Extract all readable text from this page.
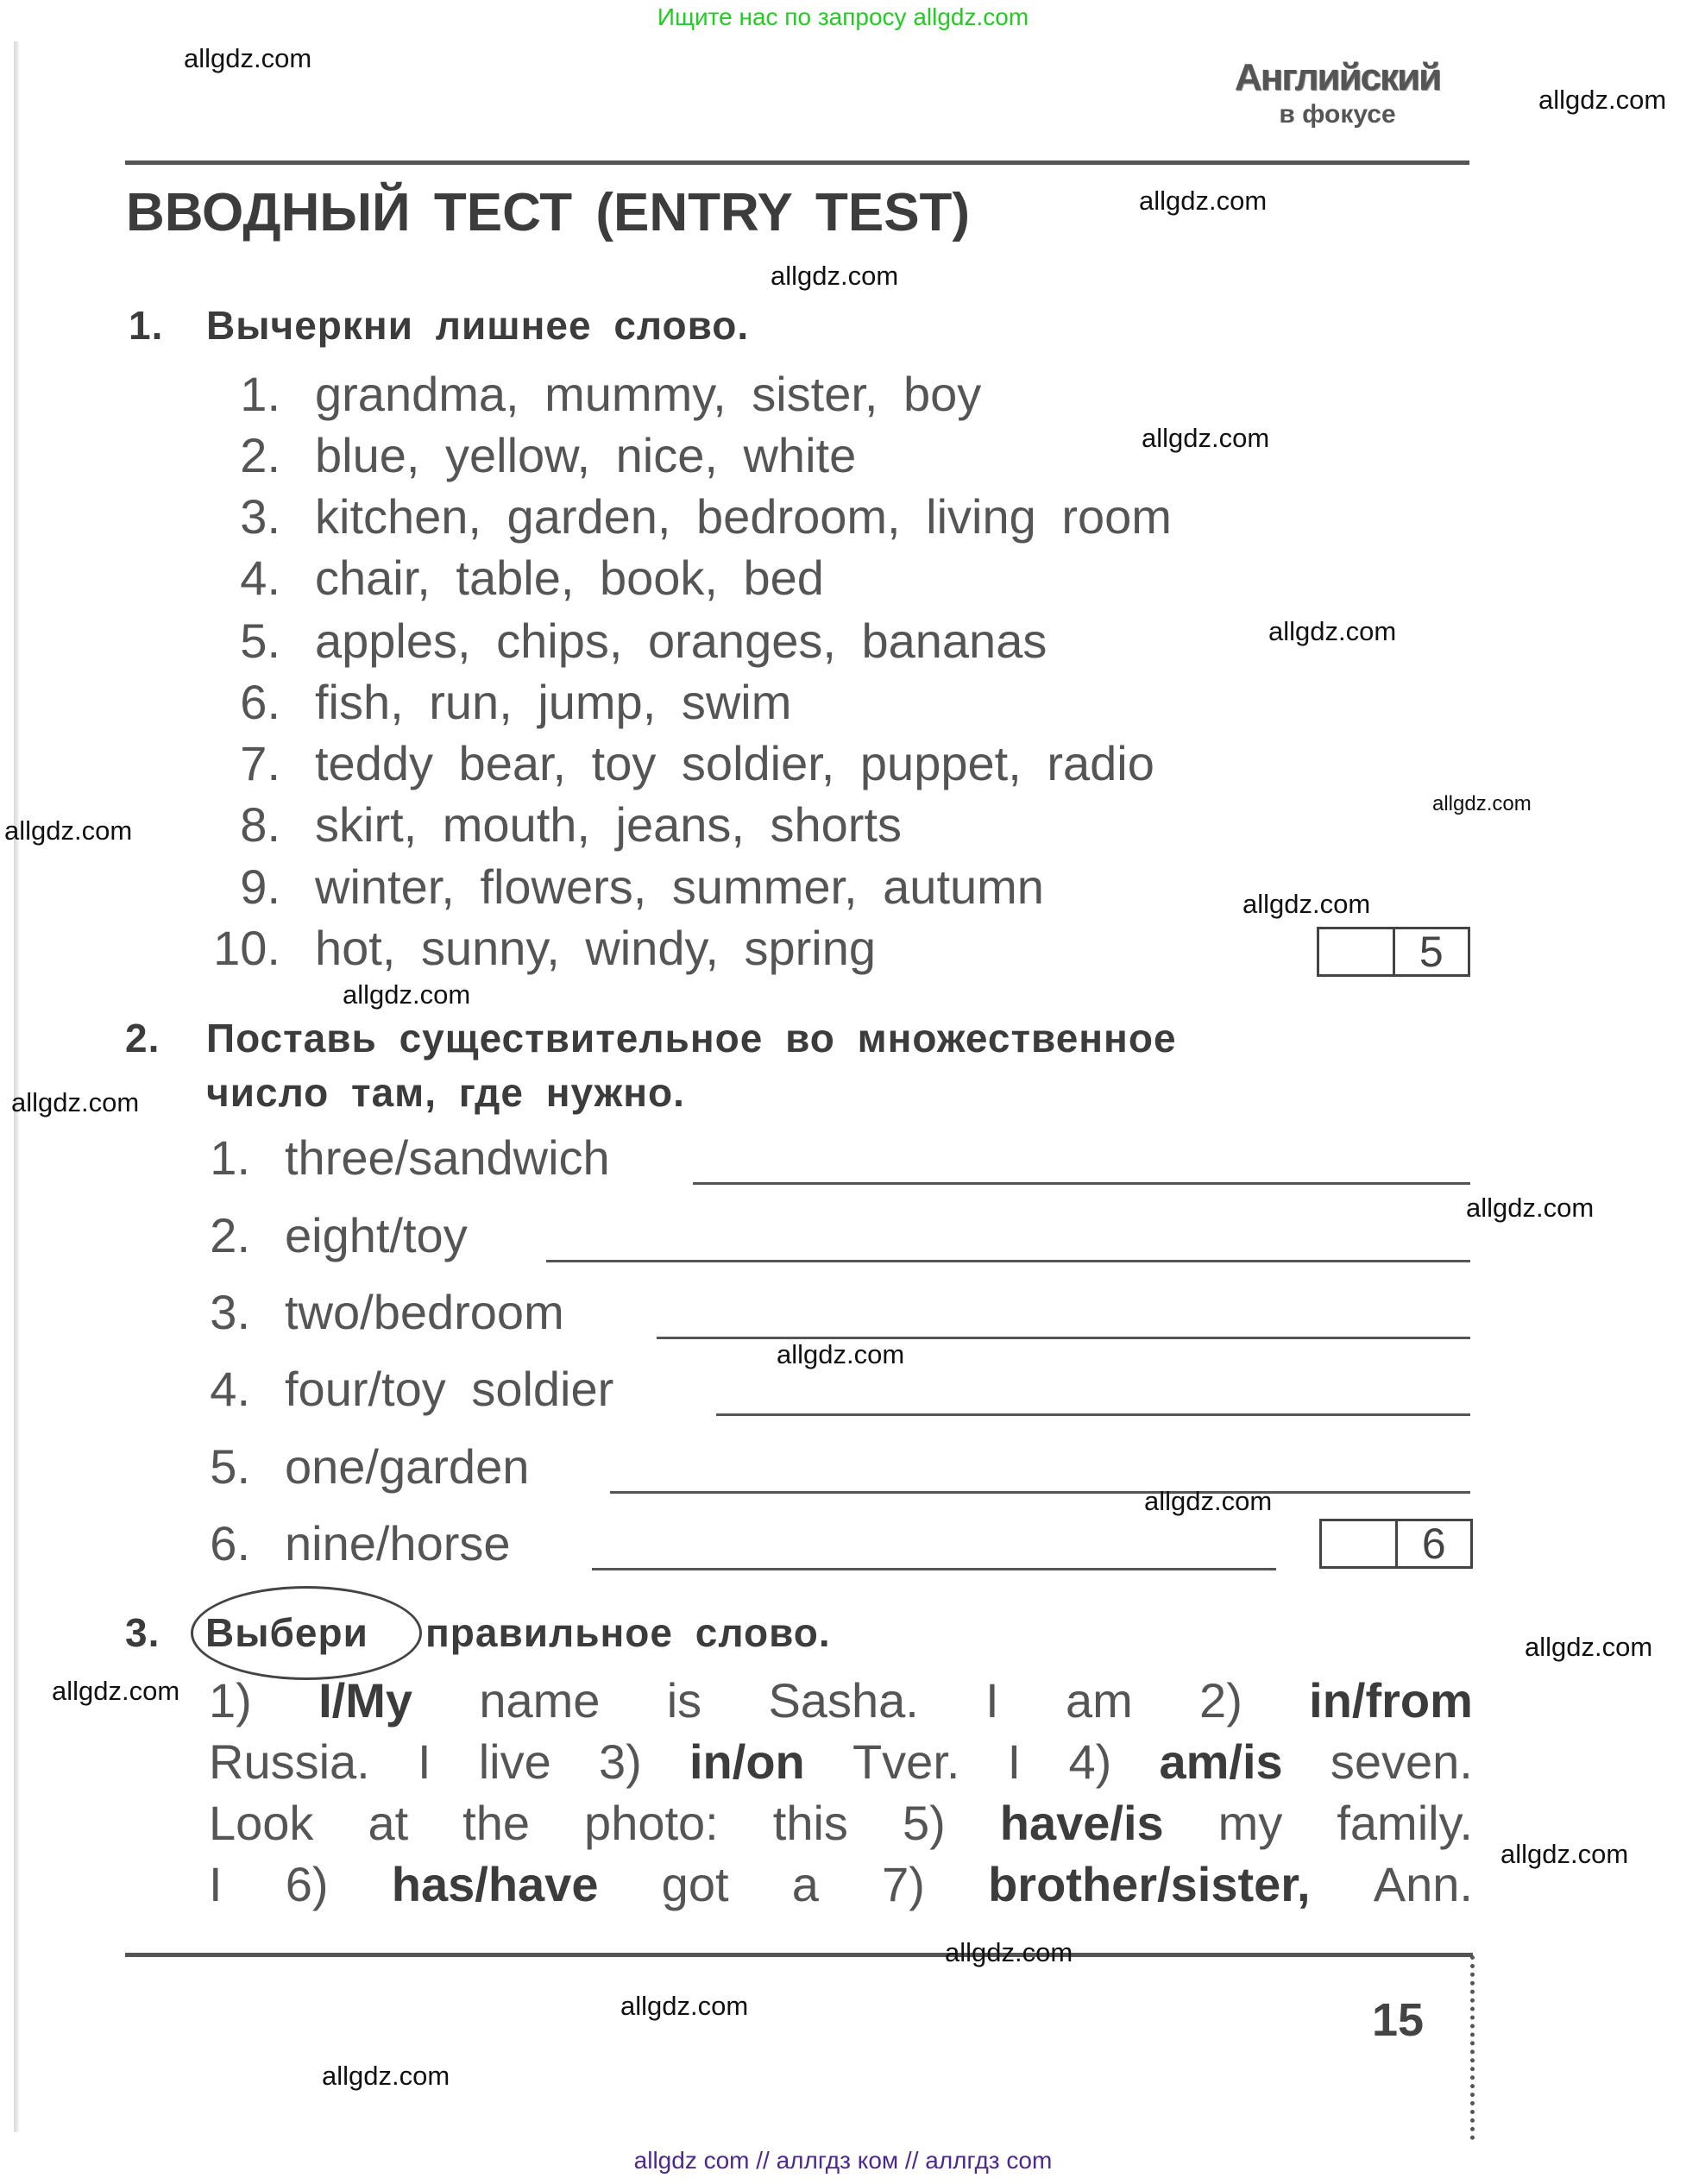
Ищите нас по запросу allgdz.com
Английский
в фокусе
ВВОДНЫЙ ТЕСТ (ENTRY TEST)
1. Вычеркни лишнее слово.
1. grandma, mummy, sister, boy
2. blue, yellow, nice, white
3. kitchen, garden, bedroom, living room
4. chair, table, book, bed
5. apples, chips, oranges, bananas
6. fish, run, jump, swim
7. teddy bear, toy soldier, puppet, radio
8. skirt, mouth, jeans, shorts
9. winter, flowers, summer, autumn
10. hot, sunny, windy, spring	5
2. Поставь существительное во множественное
число там, где нужно.
1. three/sandwich
2. eight/toy
3. two/bedroom
4. four/toy soldier
5. one/garden
6. nine/horse	6
3. Выбери правильное слово.
1) I/My name is Sasha. I am 2) in/from
Russia. I live 3) in/on Tver. I 4) am/is seven.
Look at the photo: this 5) have/is my family.
I 6) has/have got a 7) brother/sister, Ann.
15
allgdz.com
allgdz.com
allgdz.com
allgdz.com
allgdz.com
allgdz.com
allgdz.com
allgdz.com
allgdz.com
allgdz.com
allgdz.com
allgdz.com
allgdz.com
allgdz.com
allgdz.com
allgdz.com
allgdz.com
allgdz.com
allgdz.com
allgdz.com
allgdz com // аллгдз ком // аллгдз com
